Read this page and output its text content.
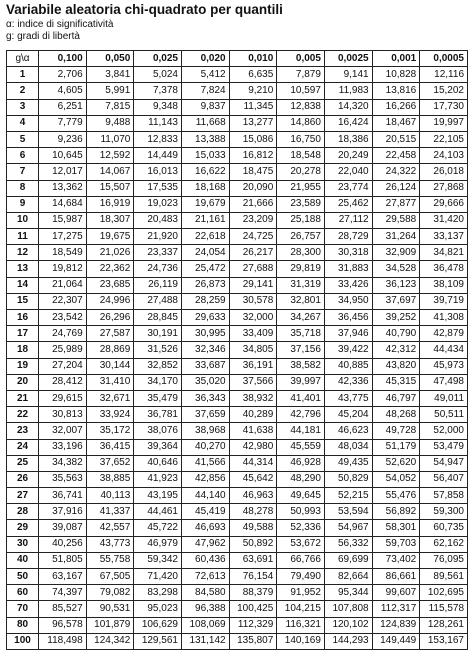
Variabile aleatoria chi-quadrato per quantili
α: indice di significatività
g: gradi di libertà
g\α	0,100	0,050	0,025	0,020	0,010	0,005	0,0025	0,001	0,0005
1	2,706	3,841	5,024	5,412	6,635	7,879	9,141	10,828	12,116
2	4,605	5,991	7,378	7,824	9,210	10,597	11,983	13,816	15,202
3	6,251	7,815	9,348	9,837	11,345	12,838	14,320	16,266	17,730
4	7,779	9,488	11,143	11,668	13,277	14,860	16,424	18,467	19,997
5	9,236	11,070	12,833	13,388	15,086	16,750	18,386	20,515	22,105
6	10,645	12,592	14,449	15,033	16,812	18,548	20,249	22,458	24,103
7	12,017	14,067	16,013	16,622	18,475	20,278	22,040	24,322	26,018
8	13,362	15,507	17,535	18,168	20,090	21,955	23,774	26,124	27,868
9	14,684	16,919	19,023	19,679	21,666	23,589	25,462	27,877	29,666
10	15,987	18,307	20,483	21,161	23,209	25,188	27,112	29,588	31,420
11	17,275	19,675	21,920	22,618	24,725	26,757	28,729	31,264	33,137
12	18,549	21,026	23,337	24,054	26,217	28,300	30,318	32,909	34,821
13	19,812	22,362	24,736	25,472	27,688	29,819	31,883	34,528	36,478
14	21,064	23,685	26,119	26,873	29,141	31,319	33,426	36,123	38,109
15	22,307	24,996	27,488	28,259	30,578	32,801	34,950	37,697	39,719
16	23,542	26,296	28,845	29,633	32,000	34,267	36,456	39,252	41,308
17	24,769	27,587	30,191	30,995	33,409	35,718	37,946	40,790	42,879
18	25,989	28,869	31,526	32,346	34,805	37,156	39,422	42,312	44,434
19	27,204	30,144	32,852	33,687	36,191	38,582	40,885	43,820	45,973
20	28,412	31,410	34,170	35,020	37,566	39,997	42,336	45,315	47,498
21	29,615	32,671	35,479	36,343	38,932	41,401	43,775	46,797	49,011
22	30,813	33,924	36,781	37,659	40,289	42,796	45,204	48,268	50,511
23	32,007	35,172	38,076	38,968	41,638	44,181	46,623	49,728	52,000
24	33,196	36,415	39,364	40,270	42,980	45,559	48,034	51,179	53,479
25	34,382	37,652	40,646	41,566	44,314	46,928	49,435	52,620	54,947
26	35,563	38,885	41,923	42,856	45,642	48,290	50,829	54,052	56,407
27	36,741	40,113	43,195	44,140	46,963	49,645	52,215	55,476	57,858
28	37,916	41,337	44,461	45,419	48,278	50,993	53,594	56,892	59,300
29	39,087	42,557	45,722	46,693	49,588	52,336	54,967	58,301	60,735
30	40,256	43,773	46,979	47,962	50,892	53,672	56,332	59,703	62,162
40	51,805	55,758	59,342	60,436	63,691	66,766	69,699	73,402	76,095
50	63,167	67,505	71,420	72,613	76,154	79,490	82,664	86,661	89,561
60	74,397	79,082	83,298	84,580	88,379	91,952	95,344	99,607	102,695
70	85,527	90,531	95,023	96,388	100,425	104,215	107,808	112,317	115,578
80	96,578	101,879	106,629	108,069	112,329	116,321	120,102	124,839	128,261
100	118,498	124,342	129,561	131,142	135,807	140,169	144,293	149,449	153,167
